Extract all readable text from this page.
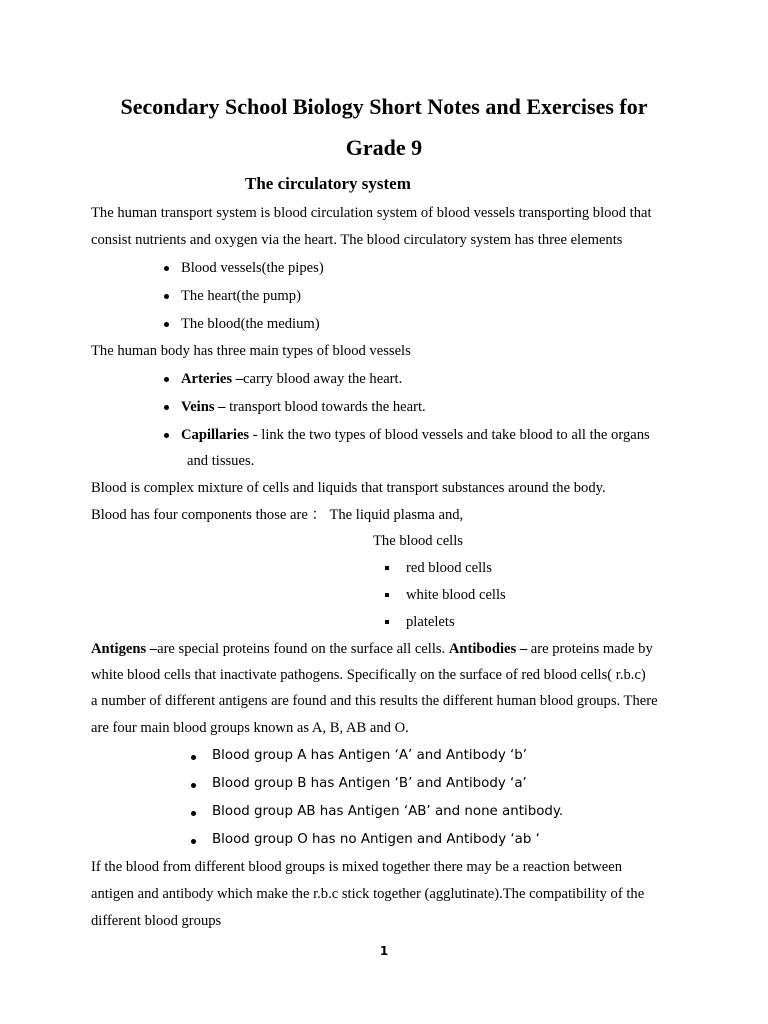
Secondary School Biology Short Notes and Exercises for
Grade 9
The circulatory system
The human transport system is blood circulation system of blood vessels transporting blood that
consist nutrients and oxygen via the heart. The blood circulatory system has three elements
Blood vessels(the pipes)
The heart(the pump)
The blood(the medium)
The human body has three main types of blood vessels
Arteries –carry blood away the heart.
Veins – transport blood towards the heart.
Capillaries - link the two types of blood vessels and take blood to all the organs
and tissues.
Blood is complex mixture of cells and liquids that transport substances around the body.
Blood has four components those are ： The liquid plasma and,
The blood cells
red blood cells
white blood cells
platelets
Antigens –are special proteins found on the surface all cells. Antibodies – are proteins made by
white blood cells that inactivate pathogens. Specifically on the surface of red blood cells( r.b.c)
a number of different antigens are found and this results the different human blood groups. There
are four main blood groups known as A, B, AB and O.
Blood group A has Antigen ‘A’ and Antibody ‘b’
Blood group B has Antigen ‘B’ and Antibody ‘a’
Blood group AB has Antigen ‘AB’ and none antibody.
Blood group O has no Antigen and Antibody ‘ab ‘
If the blood from different blood groups is mixed together there may be a reaction between
antigen and antibody which make the r.b.c stick together (agglutinate).The compatibility of the
different blood groups
1
